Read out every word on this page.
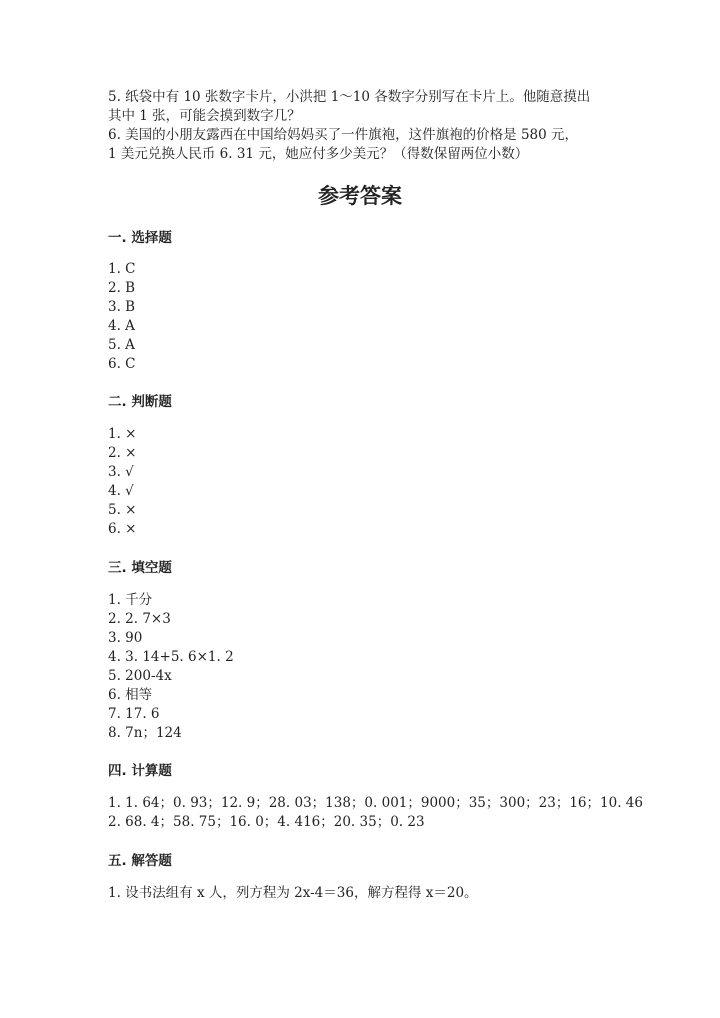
5. 纸袋中有 10 张数字卡片，小洪把 1～10 各数字分别写在卡片上。他随意摸出
其中 1 张，可能会摸到数字几？
6. 美国的小朋友露西在中国给妈妈买了一件旗袍，这件旗袍的价格是 580 元，
1 美元兑换人民币 6. 31 元，她应付多少美元？（得数保留两位小数）
参考答案
一. 选择题
1. C
2. B
3. B
4. A
5. A
6. C
二. 判断题
1. ×
2. ×
3. √
4. √
5. ×
6. ×
三. 填空题
1. 千分
2. 2. 7×3
3. 90
4. 3. 14+5. 6×1. 2
5. 200-4x
6. 相等
7. 17. 6
8. 7n；124
四. 计算题
1. 1. 64；0. 93；12. 9；28. 03；138；0. 001；9000；35；300；23；16；10. 46
2. 68. 4；58. 75；16. 0；4. 416；20. 35；0. 23
五. 解答题
1. 设书法组有 x 人，列方程为 2x-4＝36，解方程得 x＝20。
